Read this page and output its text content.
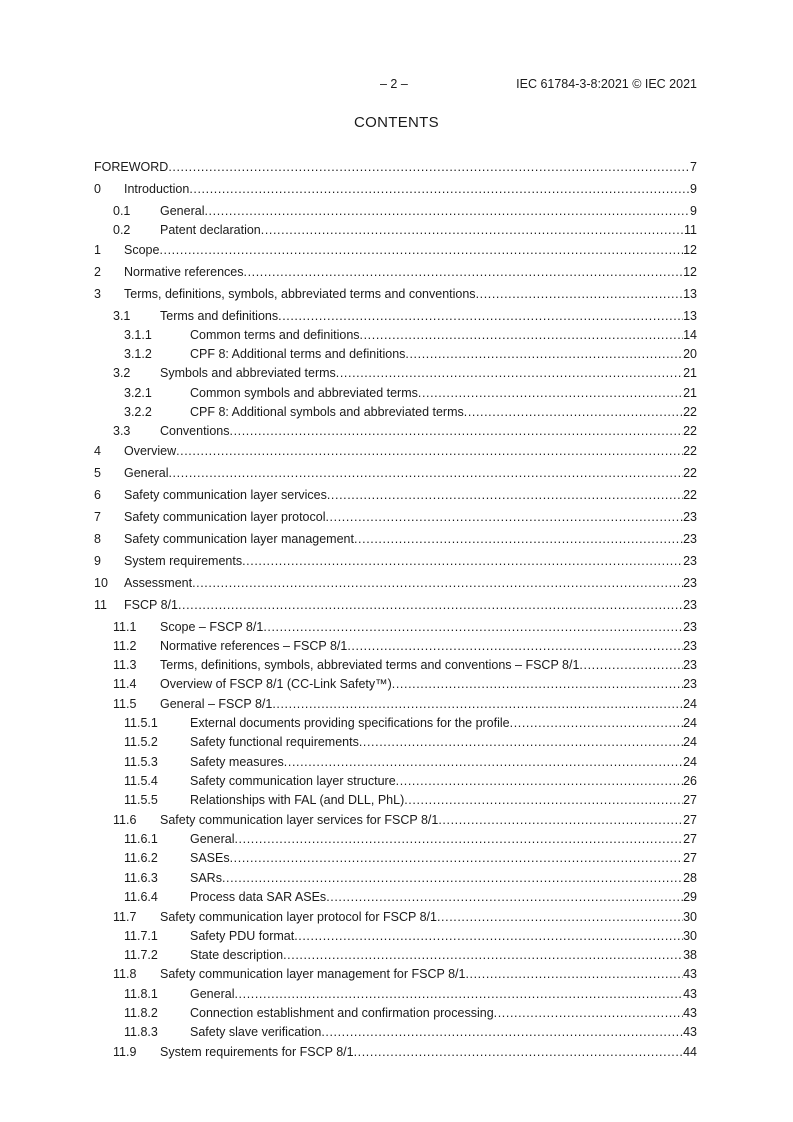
– 2 –	IEC 61784-3-8:2021 © IEC 2021
CONTENTS
FOREWORD .....	7
0 Introduction .....	9
0.1 General .....	9
0.2 Patent declaration .....	11
1 Scope .....	12
2 Normative references .....	12
3 Terms, definitions, symbols, abbreviated terms and conventions .....	13
3.1 Terms and definitions .....	13
3.1.1	Common terms and definitions .....	14
3.1.2	CPF 8: Additional terms and definitions .....	20
3.2 Symbols and abbreviated terms .....	21
3.2.1	Common symbols and abbreviated terms .....	21
3.2.2	CPF 8: Additional symbols and abbreviated terms .....	22
3.3 Conventions .....	22
4 Overview .....	22
5 General .....	22
6 Safety communication layer services .....	22
7 Safety communication layer protocol .....	23
8 Safety communication layer management .....	23
9 System requirements .....	23
10 Assessment .....	23
11 FSCP 8/1 .....	23
11.1 Scope – FSCP 8/1 .....	23
11.2 Normative references – FSCP 8/1 .....	23
11.3 Terms, definitions, symbols, abbreviated terms and conventions – FSCP 8/1 .....	23
11.4 Overview of FSCP 8/1 (CC-Link Safety™) .....	23
11.5 General – FSCP 8/1 .....	24
11.5.1	External documents providing specifications for the profile .....	24
11.5.2	Safety functional requirements .....	24
11.5.3	Safety measures .....	24
11.5.4	Safety communication layer structure .....	26
11.5.5	Relationships with FAL (and DLL, PhL) .....	27
11.6 Safety communication layer services for FSCP 8/1 .....	27
11.6.1	General .....	27
11.6.2	SASEs .....	27
11.6.3	SARs .....	28
11.6.4	Process data SAR ASEs .....	29
11.7 Safety communication layer protocol for FSCP 8/1 .....	30
11.7.1	Safety PDU format .....	30
11.7.2	State description .....	38
11.8 Safety communication layer management for FSCP 8/1 .....	43
11.8.1	General .....	43
11.8.2	Connection establishment and confirmation processing .....	43
11.8.3	Safety slave verification .....	43
11.9 System requirements for FSCP 8/1 .....	44
